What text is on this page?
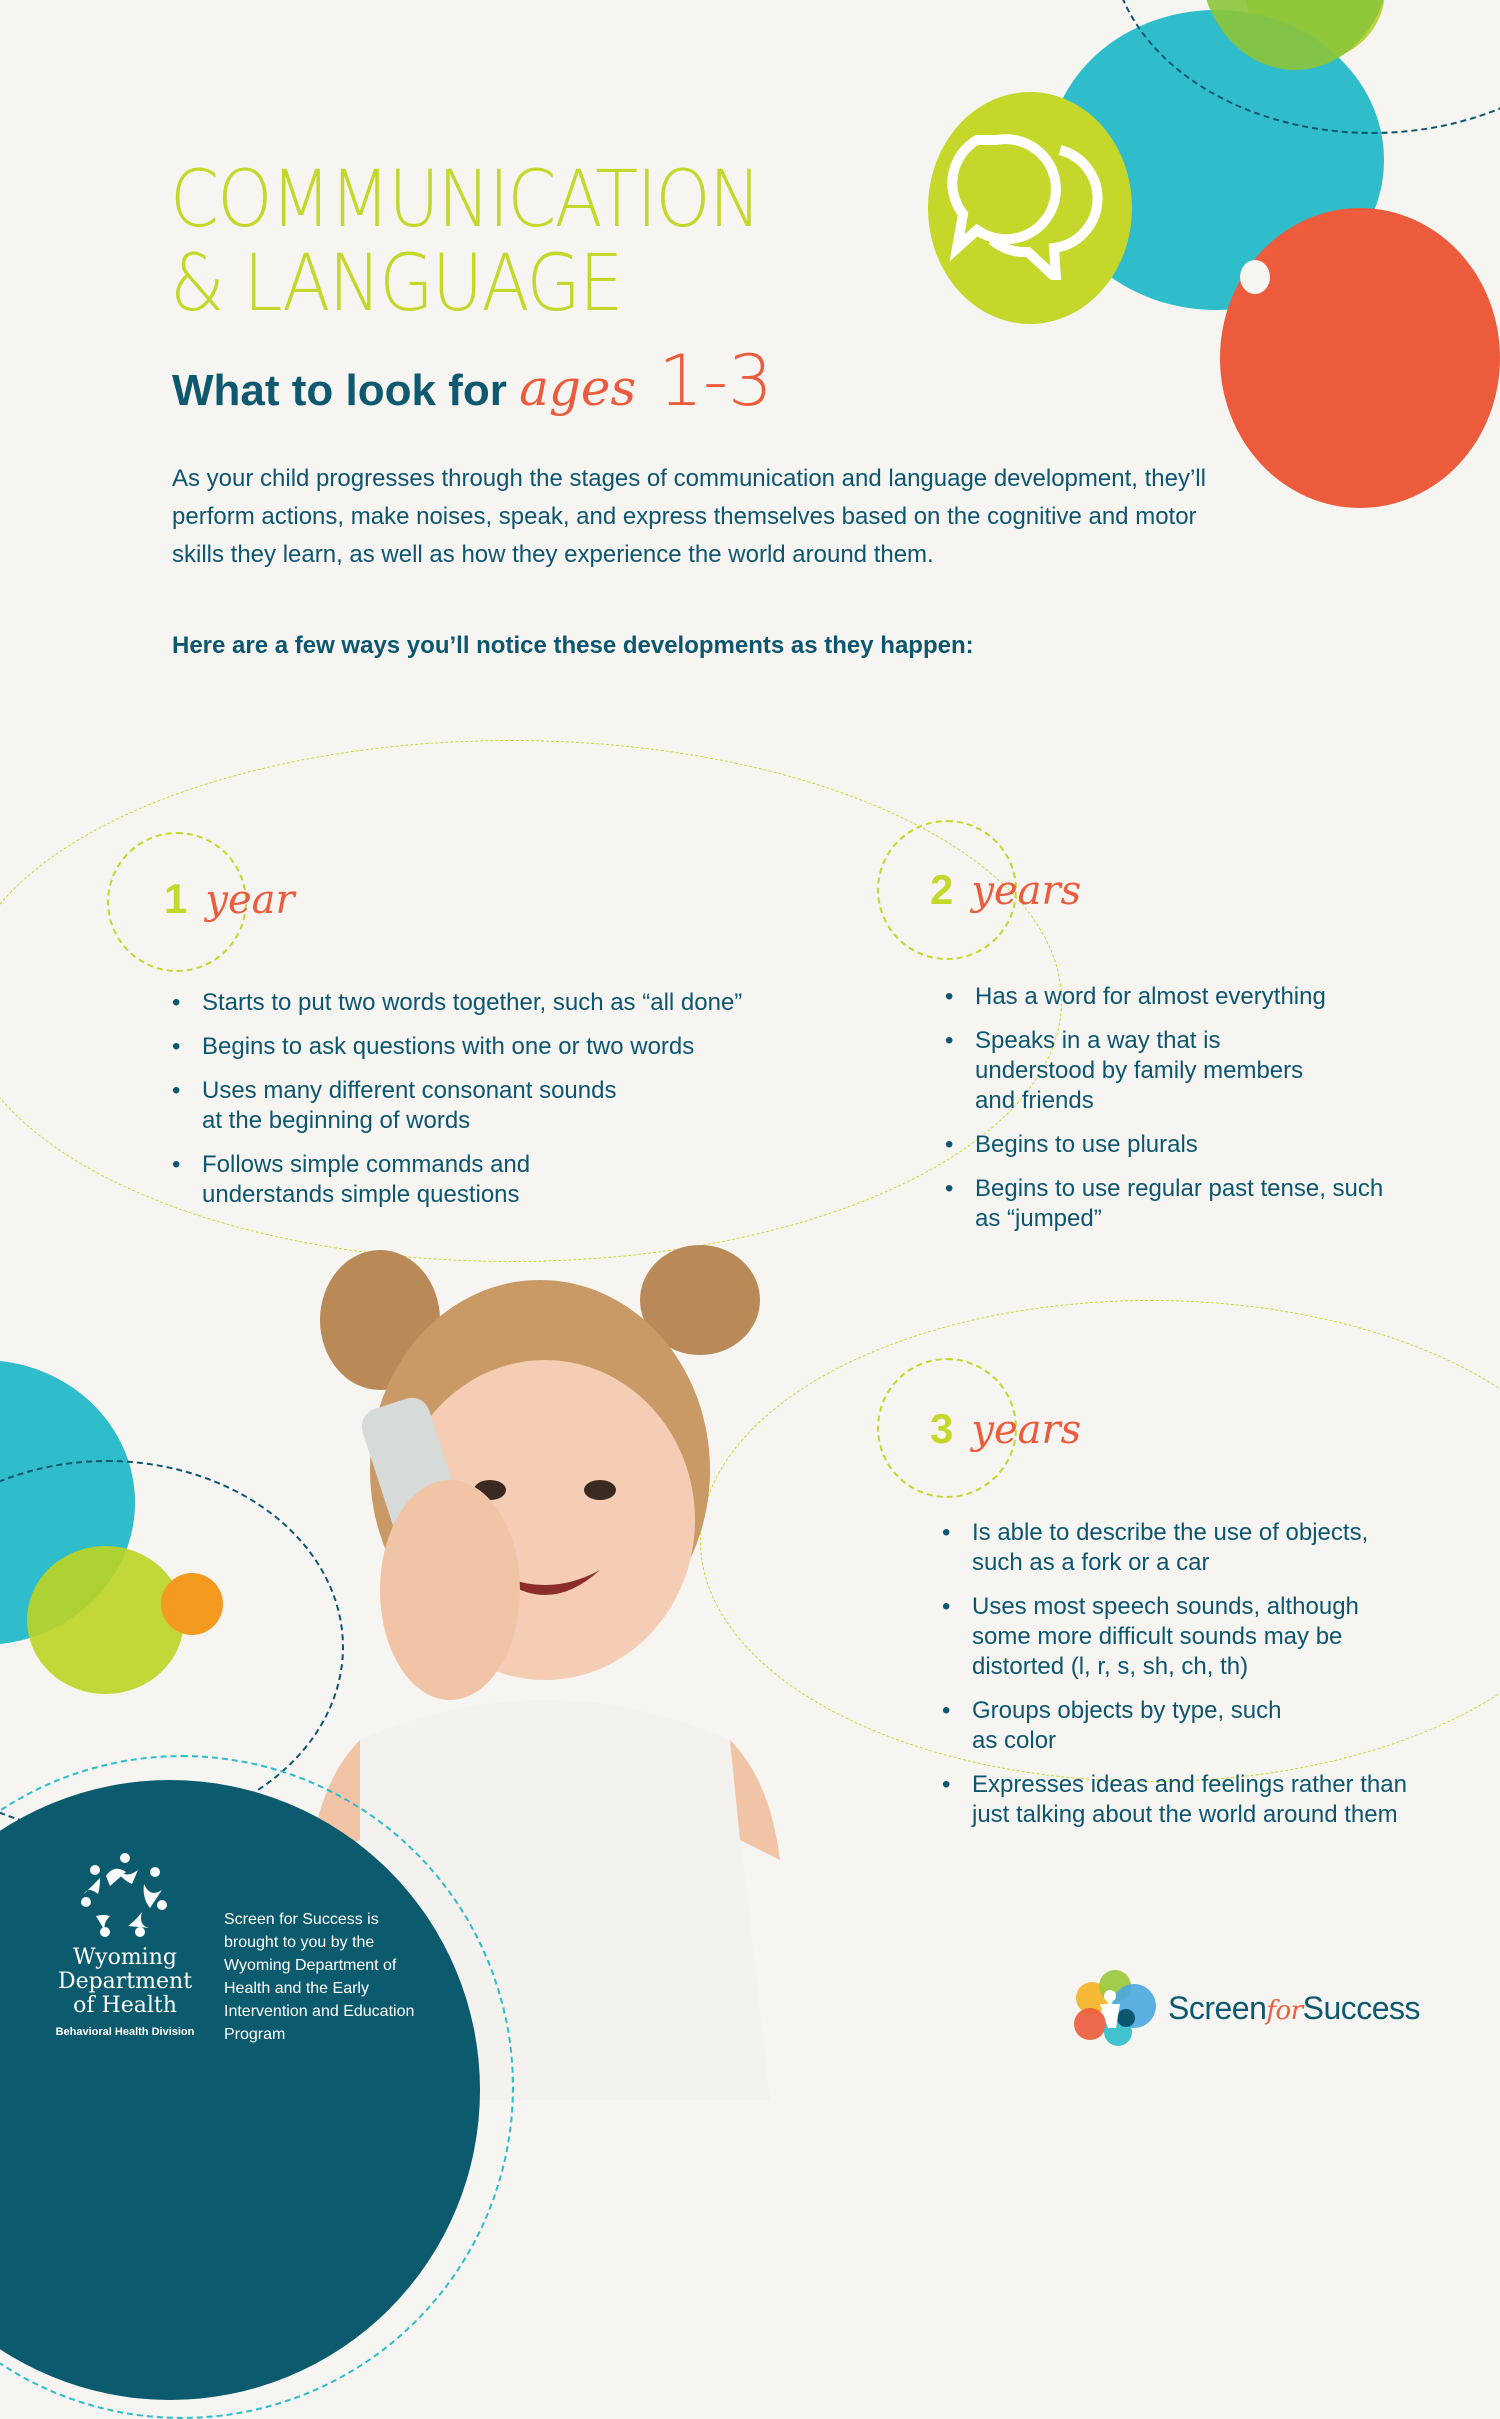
COMMUNICATION
& LANGUAGE
What to look for ages 1-3
As your child progresses through the stages of communication and language development, they’ll perform actions, make noises, speak, and express themselves based on the cognitive and motor skills they learn, as well as how they experience the world around them.
Here are a few ways you’ll notice these developments as they happen:
1 year
• Starts to put two words together, such as “all done”
• Begins to ask questions with one or two words
• Uses many different consonant sounds at the beginning of words
• Follows simple commands and understands simple questions
2 years
• Has a word for almost everything
• Speaks in a way that is understood by family members and friends
• Begins to use plurals
• Begins to use regular past tense, such as “jumped”
3 years
• Is able to describe the use of objects, such as a fork or a car
• Uses most speech sounds, although some more difficult sounds may be distorted (l, r, s, sh, ch, th)
• Groups objects by type, such as color
• Expresses ideas and feelings rather than just talking about the world around them
Wyoming
Department
of Health
Behavioral Health Division
Screen for Success is brought to you by the Wyoming Department of Health and the Early Intervention and Education Program
ScreenforSuccess
